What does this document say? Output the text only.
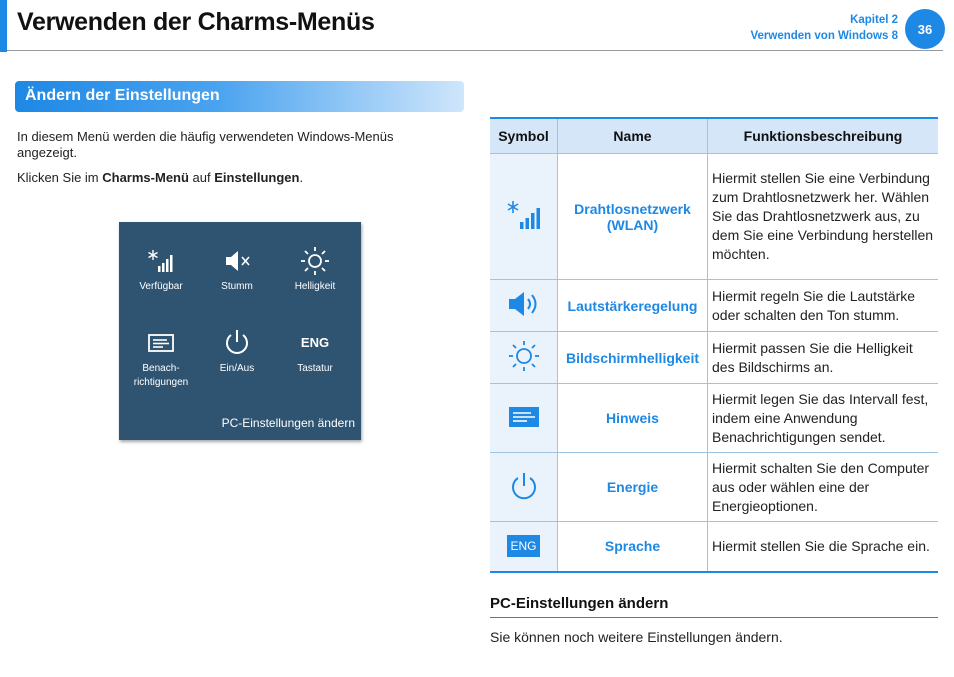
Verwenden der Charms-Menüs	Kapitel 2
Verwenden von Windows 8	36
Ändern der Einstellungen
In diesem Menü werden die häufig verwendeten Windows-Menüs angezeigt.
Klicken Sie im Charms-Menü auf Einstellungen.
Verfügbar	Stumm	Helligkeit
Benach-
richtigungen
Ein/Aus
ENG
Tastatur
PC-Einstellungen ändern
Symbol	Name	Funktionsbeschreibung
	Drahtlosnetzwerk (WLAN)	Hiermit stellen Sie eine Verbindung zum Drahtlosnetzwerk her. Wählen Sie das Drahtlosnetzwerk aus, zu dem Sie eine Verbindung herstellen möchten.
	Lautstärkeregelung	Hiermit regeln Sie die Lautstärke oder schalten den Ton stumm.
	Bildschirmhelligkeit	Hiermit passen Sie die Helligkeit des Bildschirms an.
	Hinweis	Hiermit legen Sie das Intervall fest, indem eine Anwendung Benachrichtigungen sendet.
	Energie	Hiermit schalten Sie den Computer aus oder wählen eine der Energieoptionen.
ENG	Sprache	Hiermit stellen Sie die Sprache ein.
PC-Einstellungen ändern
Sie können noch weitere Einstellungen ändern.
